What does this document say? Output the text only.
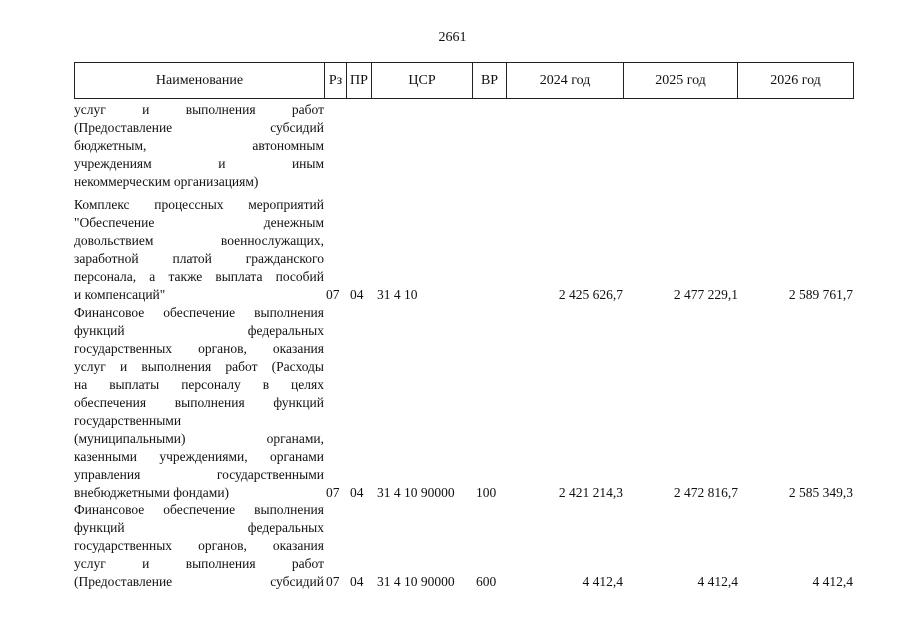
2661
Наименование	Рз ПР	ЦСР	ВР	2024 год	2025 год	2026 год
услуг	и	выполнения	работ
(Предоставление	субсидий
бюджетным,	автономным
учреждениям	и	иным
некоммерческим организациям)
Комплекс процессных мероприятий
"Обеспечение	денежным
довольствием	военнослужащих,
заработной	платой	гражданского
персонала, а также выплата пособий
и компенсаций"	07 04 31 4 10	2 425 626,7	2 477 229,1	2 589 761,7
Финансовое обеспечение выполнения
функций	федеральных
государственных органов, оказания
услуг и выполнения работ (Расходы
на выплаты персоналу в целях
обеспечения выполнения функций
государственными
(муниципальными)	органами,
казенными учреждениями, органами
управления	государственными
внебюджетными фондами)	07 04 31 4 10 90000 100	2 421 214,3	2 472 816,7	2 585 349,3
Финансовое обеспечение выполнения
функций	федеральных
государственных органов, оказания
услуг	и	выполнения	работ
(Предоставление	субсидий 07 04 31 4 10 90000 600	4 412,4	4 412,4	4 412,4
